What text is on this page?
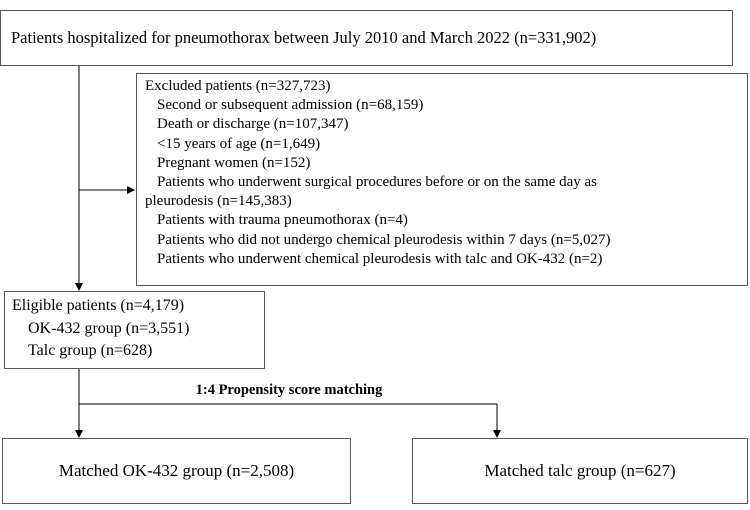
Patients hospitalized for pneumothorax between July 2010 and March 2022 (n=331,902)
Excluded patients (n=327,723)
Second or subsequent admission (n=68,159)
Death or discharge (n=107,347)
<15 years of age (n=1,649)
Pregnant women (n=152)
Patients who underwent surgical procedures before or on the same day as
pleurodesis (n=145,383)
Patients with trauma pneumothorax (n=4)
Patients who did not undergo chemical pleurodesis within 7 days (n=5,027)
Patients who underwent chemical pleurodesis with talc and OK-432 (n=2)
Eligible patients (n=4,179)
OK-432 group (n=3,551)
Talc group (n=628)
1:4 Propensity score matching
Matched OK-432 group (n=2,508)	Matched talc group (n=627)
